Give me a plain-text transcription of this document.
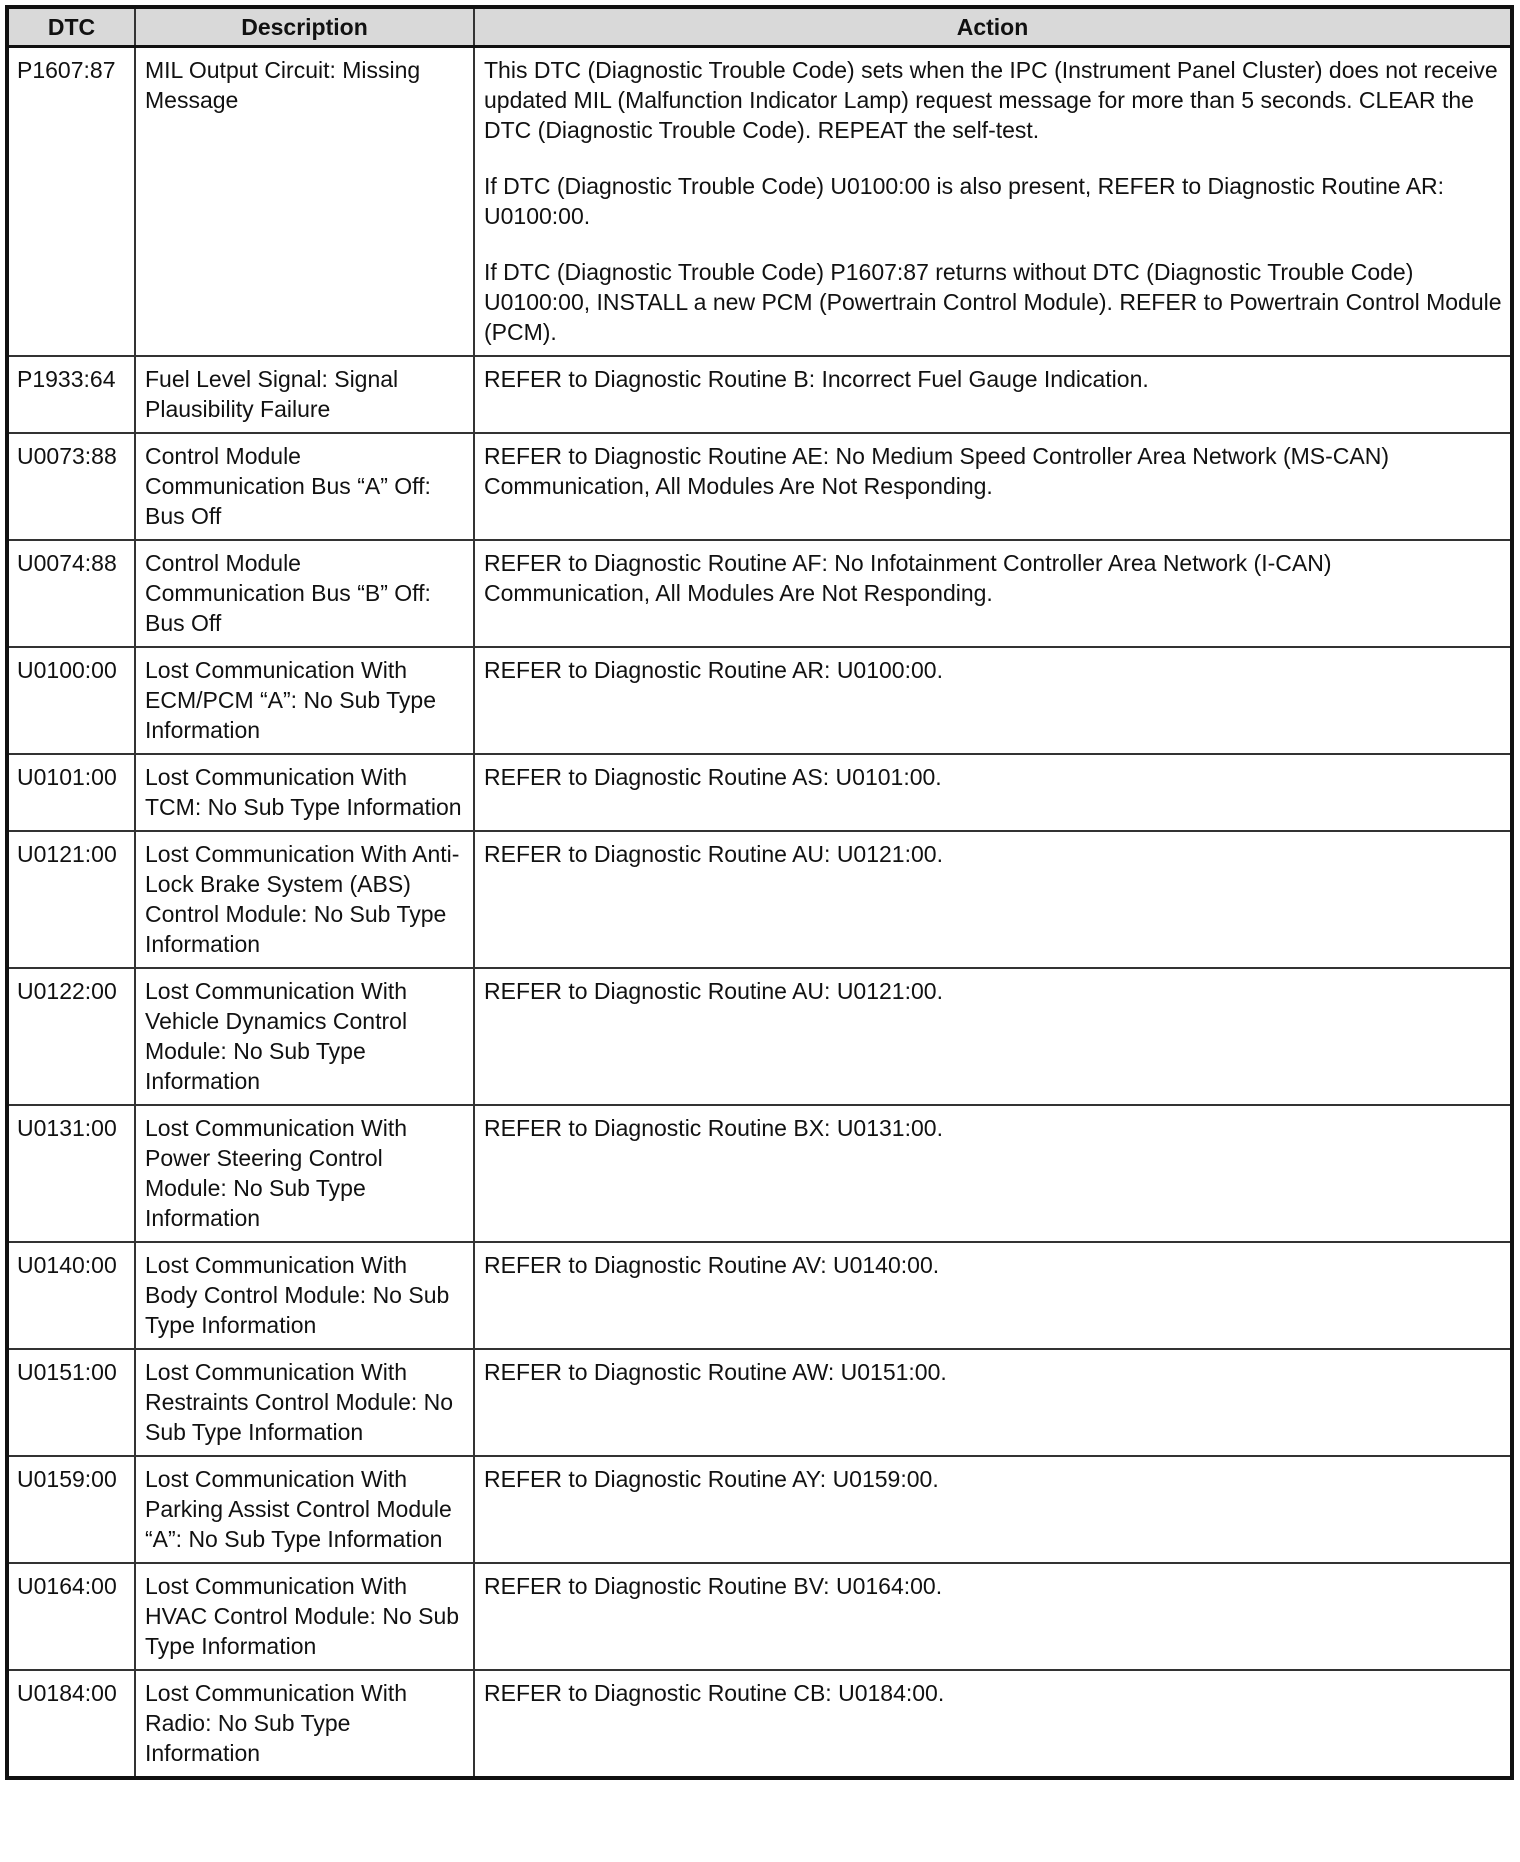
DTC	Description	Action
P1607:87	MIL Output Circuit: Missing Message	This DTC (Diagnostic Trouble Code) sets when the IPC (Instrument Panel Cluster) does not receive updated MIL (Malfunction Indicator Lamp) request message for more than 5 seconds. CLEAR the DTC (Diagnostic Trouble Code). REPEAT the self-test.

If DTC (Diagnostic Trouble Code) U0100:00 is also present, REFER to Diagnostic Routine AR: U0100:00.

If DTC (Diagnostic Trouble Code) P1607:87 returns without DTC (Diagnostic Trouble Code) U0100:00, INSTALL a new PCM (Powertrain Control Module). REFER to Powertrain Control Module (PCM).

P1933:64	Fuel Level Signal: Signal Plausibility Failure	REFER to Diagnostic Routine B: Incorrect Fuel Gauge Indication.

U0073:88	Control Module Communication Bus “A” Off: Bus Off	REFER to Diagnostic Routine AE: No Medium Speed Controller Area Network (MS-CAN) Communication, All Modules Are Not Responding.

U0074:88	Control Module Communication Bus “B” Off: Bus Off	REFER to Diagnostic Routine AF: No Infotainment Controller Area Network (I-CAN) Communication, All Modules Are Not Responding.

U0100:00	Lost Communication With ECM/PCM “A”: No Sub Type Information	REFER to Diagnostic Routine AR: U0100:00.

U0101:00	Lost Communication With TCM: No Sub Type Information	REFER to Diagnostic Routine AS: U0101:00.

U0121:00	Lost Communication With Anti-Lock Brake System (ABS) Control Module: No Sub Type Information	REFER to Diagnostic Routine AU: U0121:00.

U0122:00	Lost Communication With Vehicle Dynamics Control Module: No Sub Type Information	REFER to Diagnostic Routine AU: U0121:00.

U0131:00	Lost Communication With Power Steering Control Module: No Sub Type Information	REFER to Diagnostic Routine BX: U0131:00.

U0140:00	Lost Communication With Body Control Module: No Sub Type Information	REFER to Diagnostic Routine AV: U0140:00.

U0151:00	Lost Communication With Restraints Control Module: No Sub Type Information	REFER to Diagnostic Routine AW: U0151:00.

U0159:00	Lost Communication With Parking Assist Control Module “A”: No Sub Type Information	REFER to Diagnostic Routine AY: U0159:00.

U0164:00	Lost Communication With HVAC Control Module: No Sub Type Information	REFER to Diagnostic Routine BV: U0164:00.

U0184:00	Lost Communication With Radio: No Sub Type Information	REFER to Diagnostic Routine CB: U0184:00.
